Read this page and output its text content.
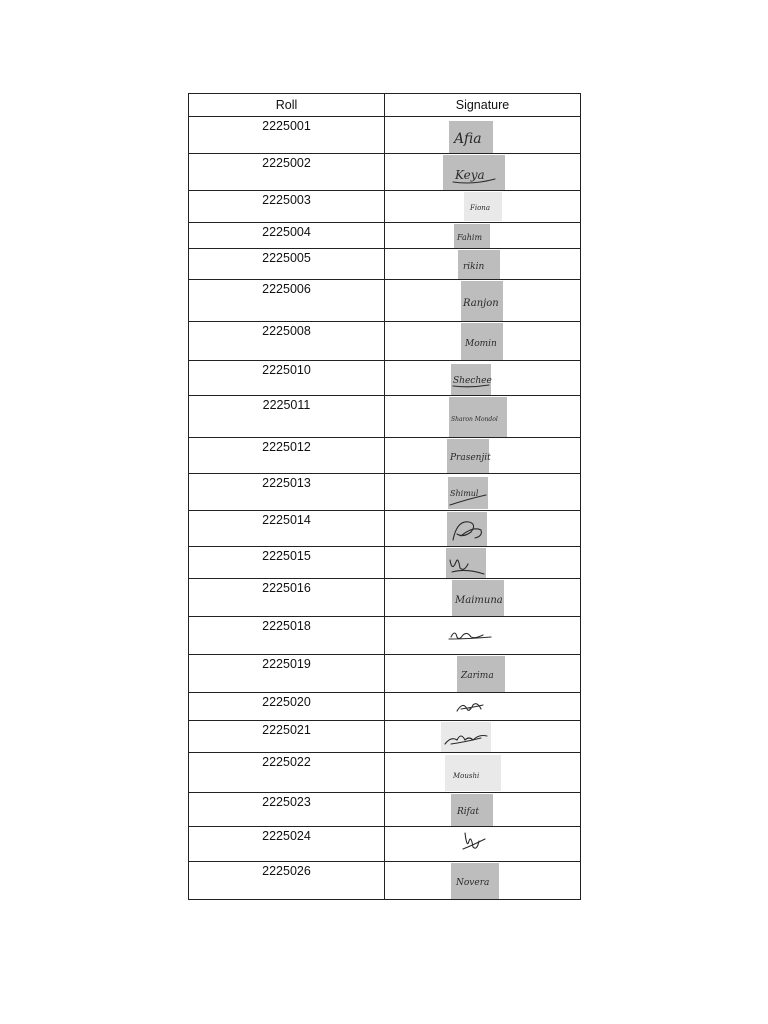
Roll	Signature
2225001	Afia

2225002	Keya

2225003	Fiona

2225004	Fahim

2225005	rikin

2225006	Ranjon

2225008	Momin

2225010	Shechee

2225011	Sharon Mondol

2225012	Prasenjit

2225013	Shimul

2225014	

2225015	

2225016	Maimuna

2225018	

2225019	Zarima

2225020	

2225021	

2225022	Moushi

2225023	Rifat

2225024	

2225026	Novera
